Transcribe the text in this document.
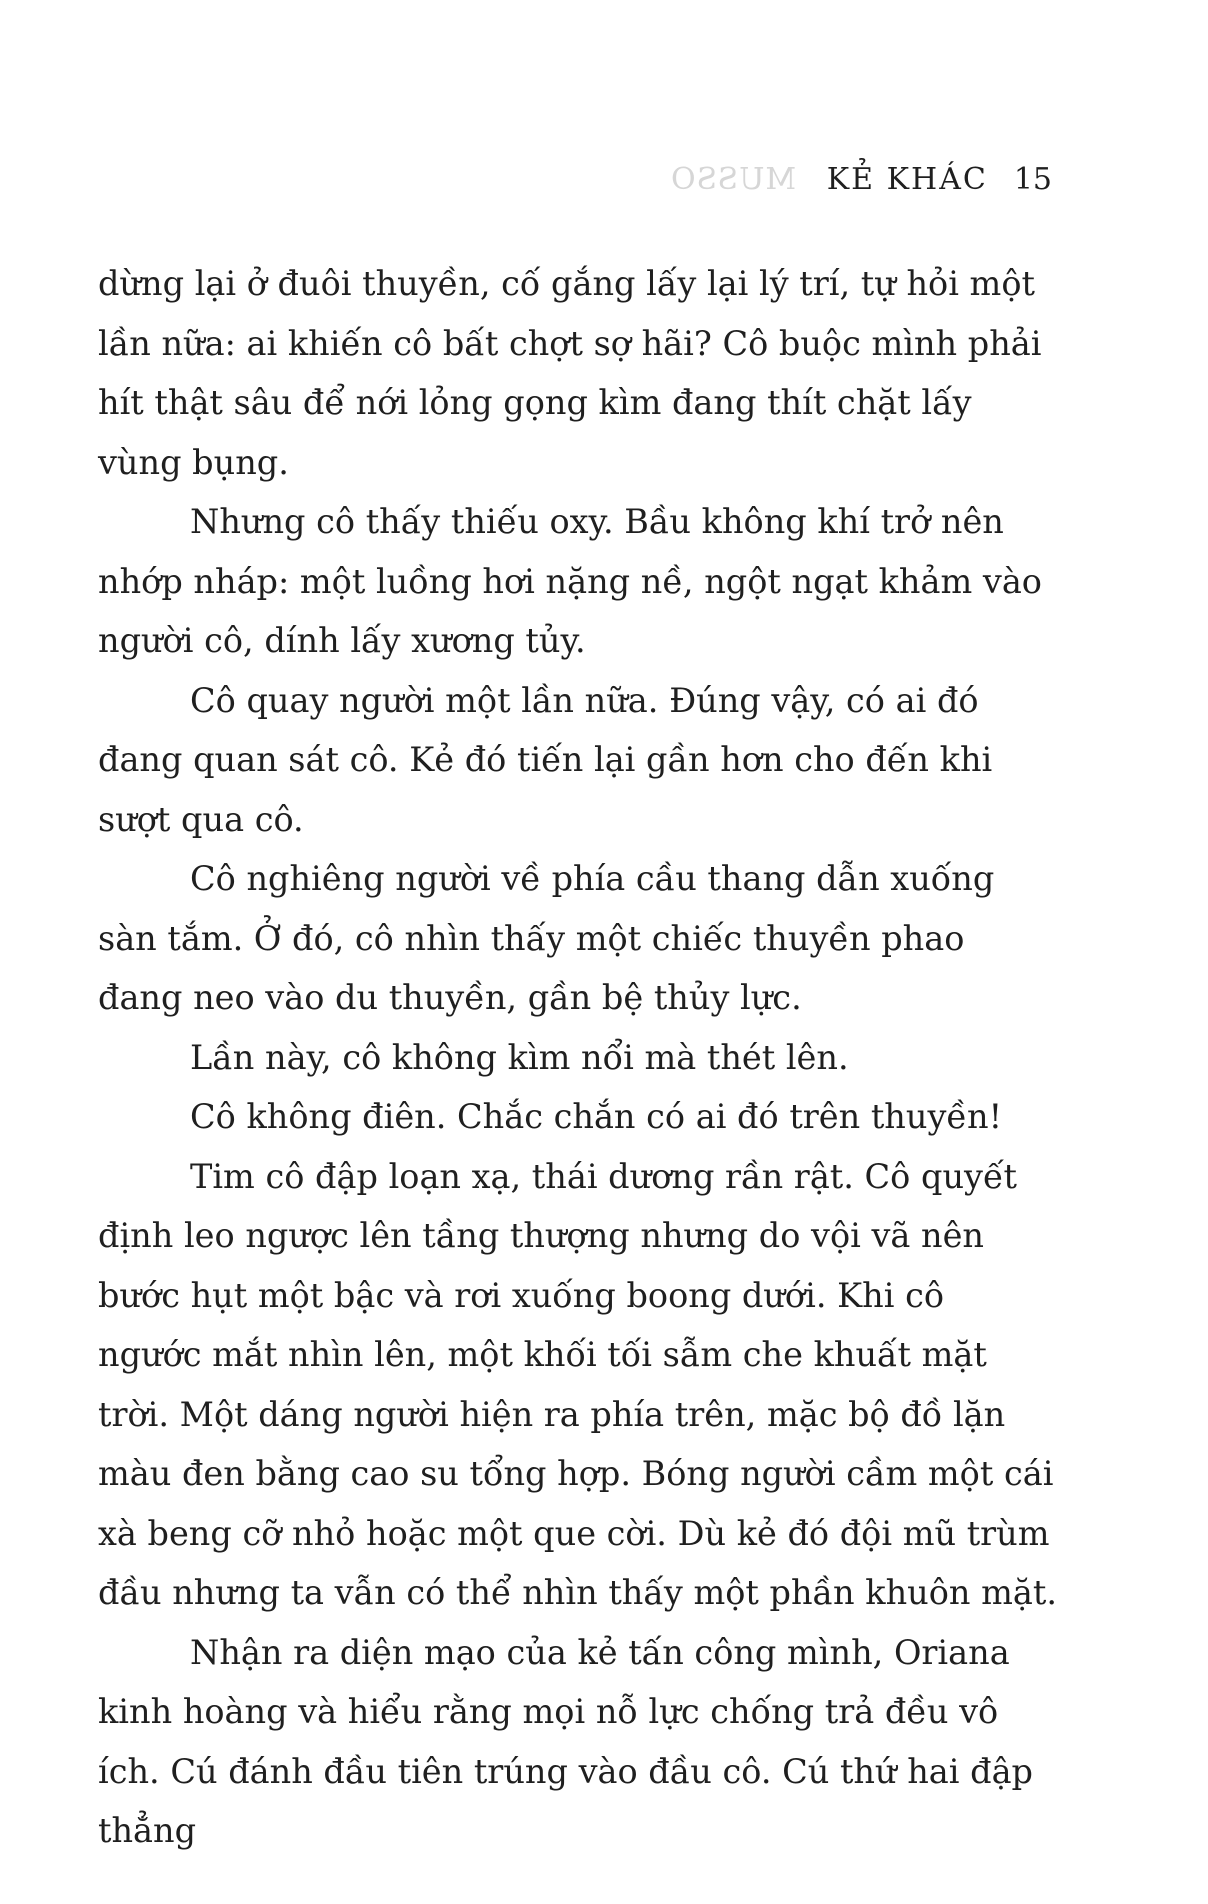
MUSSO KẺ KHÁC 15

dừng lại ở đuôi thuyền, cố gắng lấy lại lý trí, tự hỏi một lần nữa: ai khiến cô bất chợt sợ hãi? Cô buộc mình phải hít thật sâu để nới lỏng gọng kìm đang thít chặt lấy vùng bụng.

Nhưng cô thấy thiếu oxy. Bầu không khí trở nên nhớp nháp: một luồng hơi nặng nề, ngột ngạt khảm vào người cô, dính lấy xương tủy.

Cô quay người một lần nữa. Đúng vậy, có ai đó đang quan sát cô. Kẻ đó tiến lại gần hơn cho đến khi sượt qua cô.

Cô nghiêng người về phía cầu thang dẫn xuống sàn tắm. Ở đó, cô nhìn thấy một chiếc thuyền phao đang neo vào du thuyền, gần bệ thủy lực.

Lần này, cô không kìm nổi mà thét lên.

Cô không điên. Chắc chắn có ai đó trên thuyền!

Tim cô đập loạn xạ, thái dương rần rật. Cô quyết định leo ngược lên tầng thượng nhưng do vội vã nên bước hụt một bậc và rơi xuống boong dưới. Khi cô ngước mắt nhìn lên, một khối tối sẫm che khuất mặt trời. Một dáng người hiện ra phía trên, mặc bộ đồ lặn màu đen bằng cao su tổng hợp. Bóng người cầm một cái xà beng cỡ nhỏ hoặc một que cời. Dù kẻ đó đội mũ trùm đầu nhưng ta vẫn có thể nhìn thấy một phần khuôn mặt.

Nhận ra diện mạo của kẻ tấn công mình, Oriana kinh hoàng và hiểu rằng mọi nỗ lực chống trả đều vô ích. Cú đánh đầu tiên trúng vào đầu cô. Cú thứ hai đập thẳng
